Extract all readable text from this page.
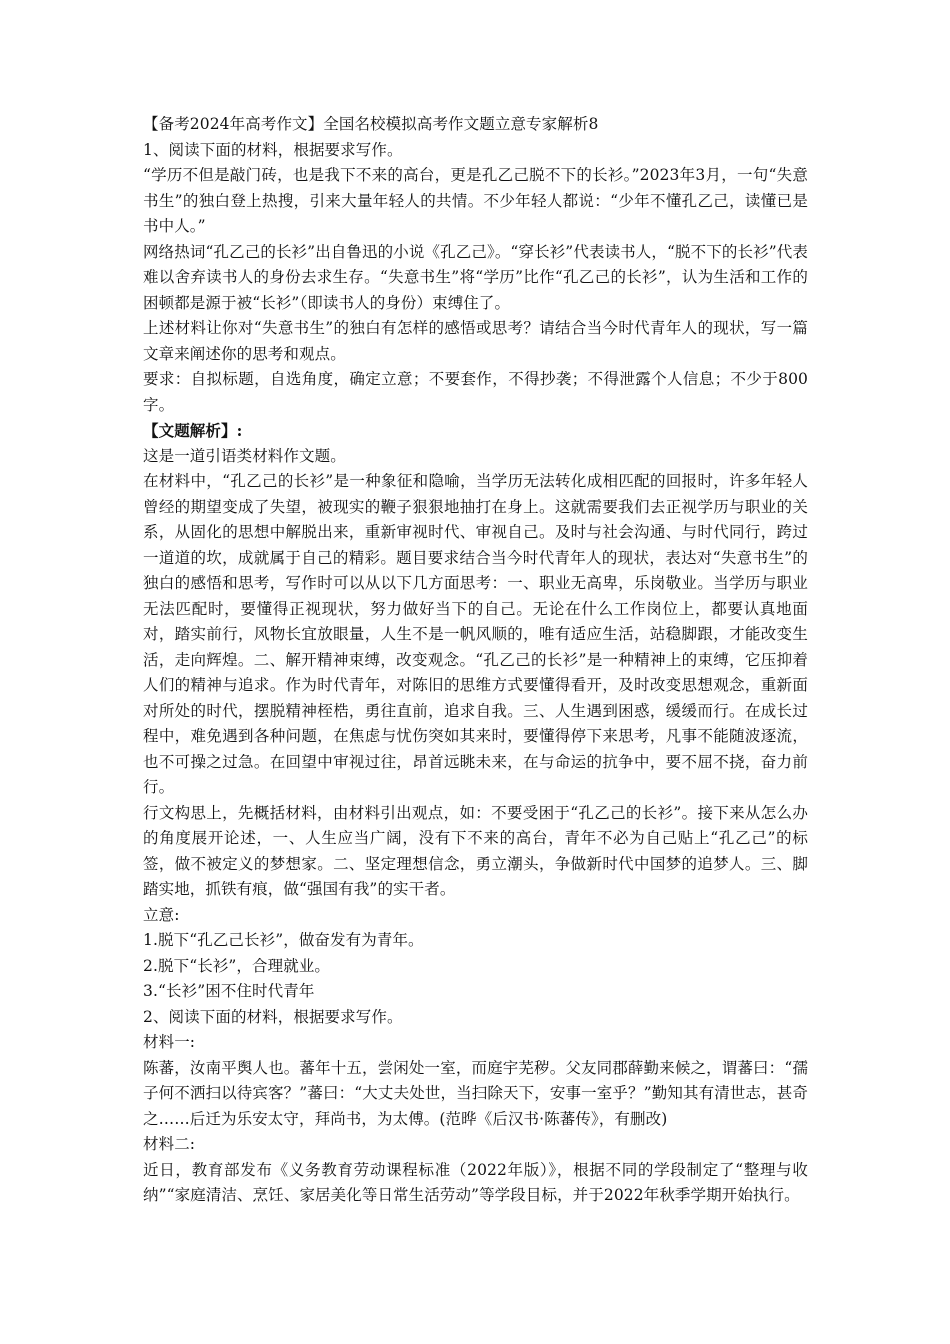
【备考2024年高考作文】全国名校模拟高考作文题立意专家解析8

1、阅读下面的材料，根据要求写作。

“学历不但是敲门砖，也是我下不来的高台，更是孔乙己脱不下的长衫。”2023年3月，一句“失意书生”的独白登上热搜，引来大量年轻人的共情。不少年轻人都说：“少年不懂孔乙己，读懂已是书中人。”

网络热词“孔乙己的长衫”出自鲁迅的小说《孔乙己》。“穿长衫”代表读书人，“脱不下的长衫”代表难以舍弃读书人的身份去求生存。“失意书生”将“学历”比作“孔乙己的长衫”，认为生活和工作的困顿都是源于被“长衫”（即读书人的身份）束缚住了。

上述材料让你对“失意书生”的独白有怎样的感悟或思考？请结合当今时代青年人的现状，写一篇文章来阐述你的思考和观点。

要求：自拟标题，自选角度，确定立意；不要套作，不得抄袭；不得泄露个人信息；不少于800字。

【文题解析】:

这是一道引语类材料作文题。

在材料中，“孔乙己的长衫”是一种象征和隐喻，当学历无法转化成相匹配的回报时，许多年轻人曾经的期望变成了失望，被现实的鞭子狠狠地抽打在身上。这就需要我们去正视学历与职业的关系，从固化的思想中解脱出来，重新审视时代、审视自己。及时与社会沟通、与时代同行，跨过一道道的坎，成就属于自己的精彩。题目要求结合当今时代青年人的现状，表达对“失意书生”的独白的感悟和思考，写作时可以从以下几方面思考：一、职业无高卑，乐岗敬业。当学历与职业无法匹配时，要懂得正视现状，努力做好当下的自己。无论在什么工作岗位上，都要认真地面对，踏实前行，风物长宜放眼量，人生不是一帆风顺的，唯有适应生活，站稳脚跟，才能改变生活，走向辉煌。二、解开精神束缚，改变观念。“孔乙己的长衫”是一种精神上的束缚，它压抑着人们的精神与追求。作为时代青年，对陈旧的思维方式要懂得看开，及时改变思想观念，重新面对所处的时代，摆脱精神桎梏，勇往直前，追求自我。三、人生遇到困惑，缓缓而行。在成长过程中，难免遇到各种问题，在焦虑与忧伤突如其来时，要懂得停下来思考，凡事不能随波逐流，也不可操之过急。在回望中审视过往，昂首远眺未来，在与命运的抗争中，要不屈不挠，奋力前行。

行文构思上，先概括材料，由材料引出观点，如：不要受困于“孔乙己的长衫”。接下来从怎么办的角度展开论述，一、人生应当广阔，没有下不来的高台，青年不必为自己贴上“孔乙己”的标签，做不被定义的梦想家。二、坚定理想信念，勇立潮头，争做新时代中国梦的追梦人。三、脚踏实地，抓铁有痕，做“强国有我”的实干者。

立意:

1.脱下“孔乙己长衫”，做奋发有为青年。

2.脱下“长衫”，合理就业。

3.“长衫”困不住时代青年

2、阅读下面的材料，根据要求写作。

材料一:

陈蕃，汝南平舆人也。蕃年十五，尝闲处一室，而庭宇芜秽。父友同郡薛勤来候之，谓蕃曰：“孺子何不洒扫以待宾客？”蕃曰：“大丈夫处世，当扫除天下，安事一室乎？”勤知其有清世志，甚奇之……后迁为乐安太守，拜尚书，为太傅。(范晔《后汉书·陈蕃传》，有删改)

材料二:

近日，教育部发布《义务教育劳动课程标准（2022年版）》，根据不同的学段制定了“整理与收纳”“家庭清洁、烹饪、家居美化等日常生活劳动”等学段目标，并于2022年秋季学期开始执行。
